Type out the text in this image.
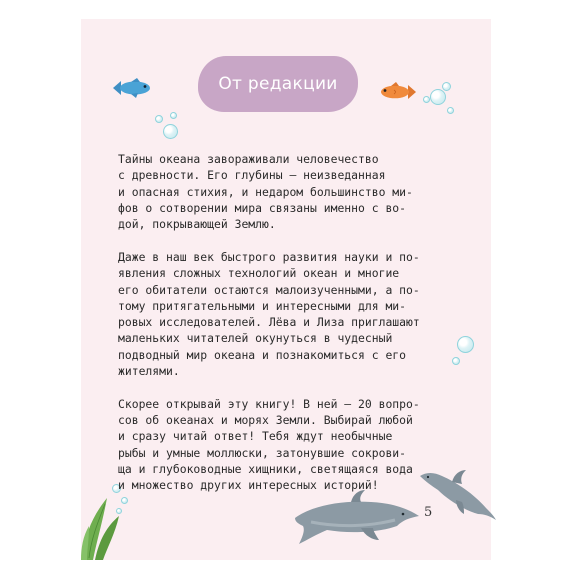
От редакции

Тайны океана завораживали человечество
с древности. Его глубины — неизведанная
и опасная стихия, и недаром большинство ми-
фов о сотворении мира связаны именно с во-
дой, покрывающей Землю.

Даже в наш век быстрого развития науки и по-
явления сложных технологий океан и многие
его обитатели остаются малоизученными, а по-
тому притягательными и интересными для ми-
ровых исследователей. Лёва и Лиза приглашают
маленьких читателей окунуться в чудесный
подводный мир океана и познакомиться с его
жителями.

Скорее открывай эту книгу! В ней — 20 вопро-
сов об океанах и морях Земли. Выбирай любой
и сразу читай ответ! Тебя ждут необычные
рыбы и умные моллюски, затонувшие сокрови-
ща и глубоководные хищники, светящаяся вода
и множество других интересных историй!

5
